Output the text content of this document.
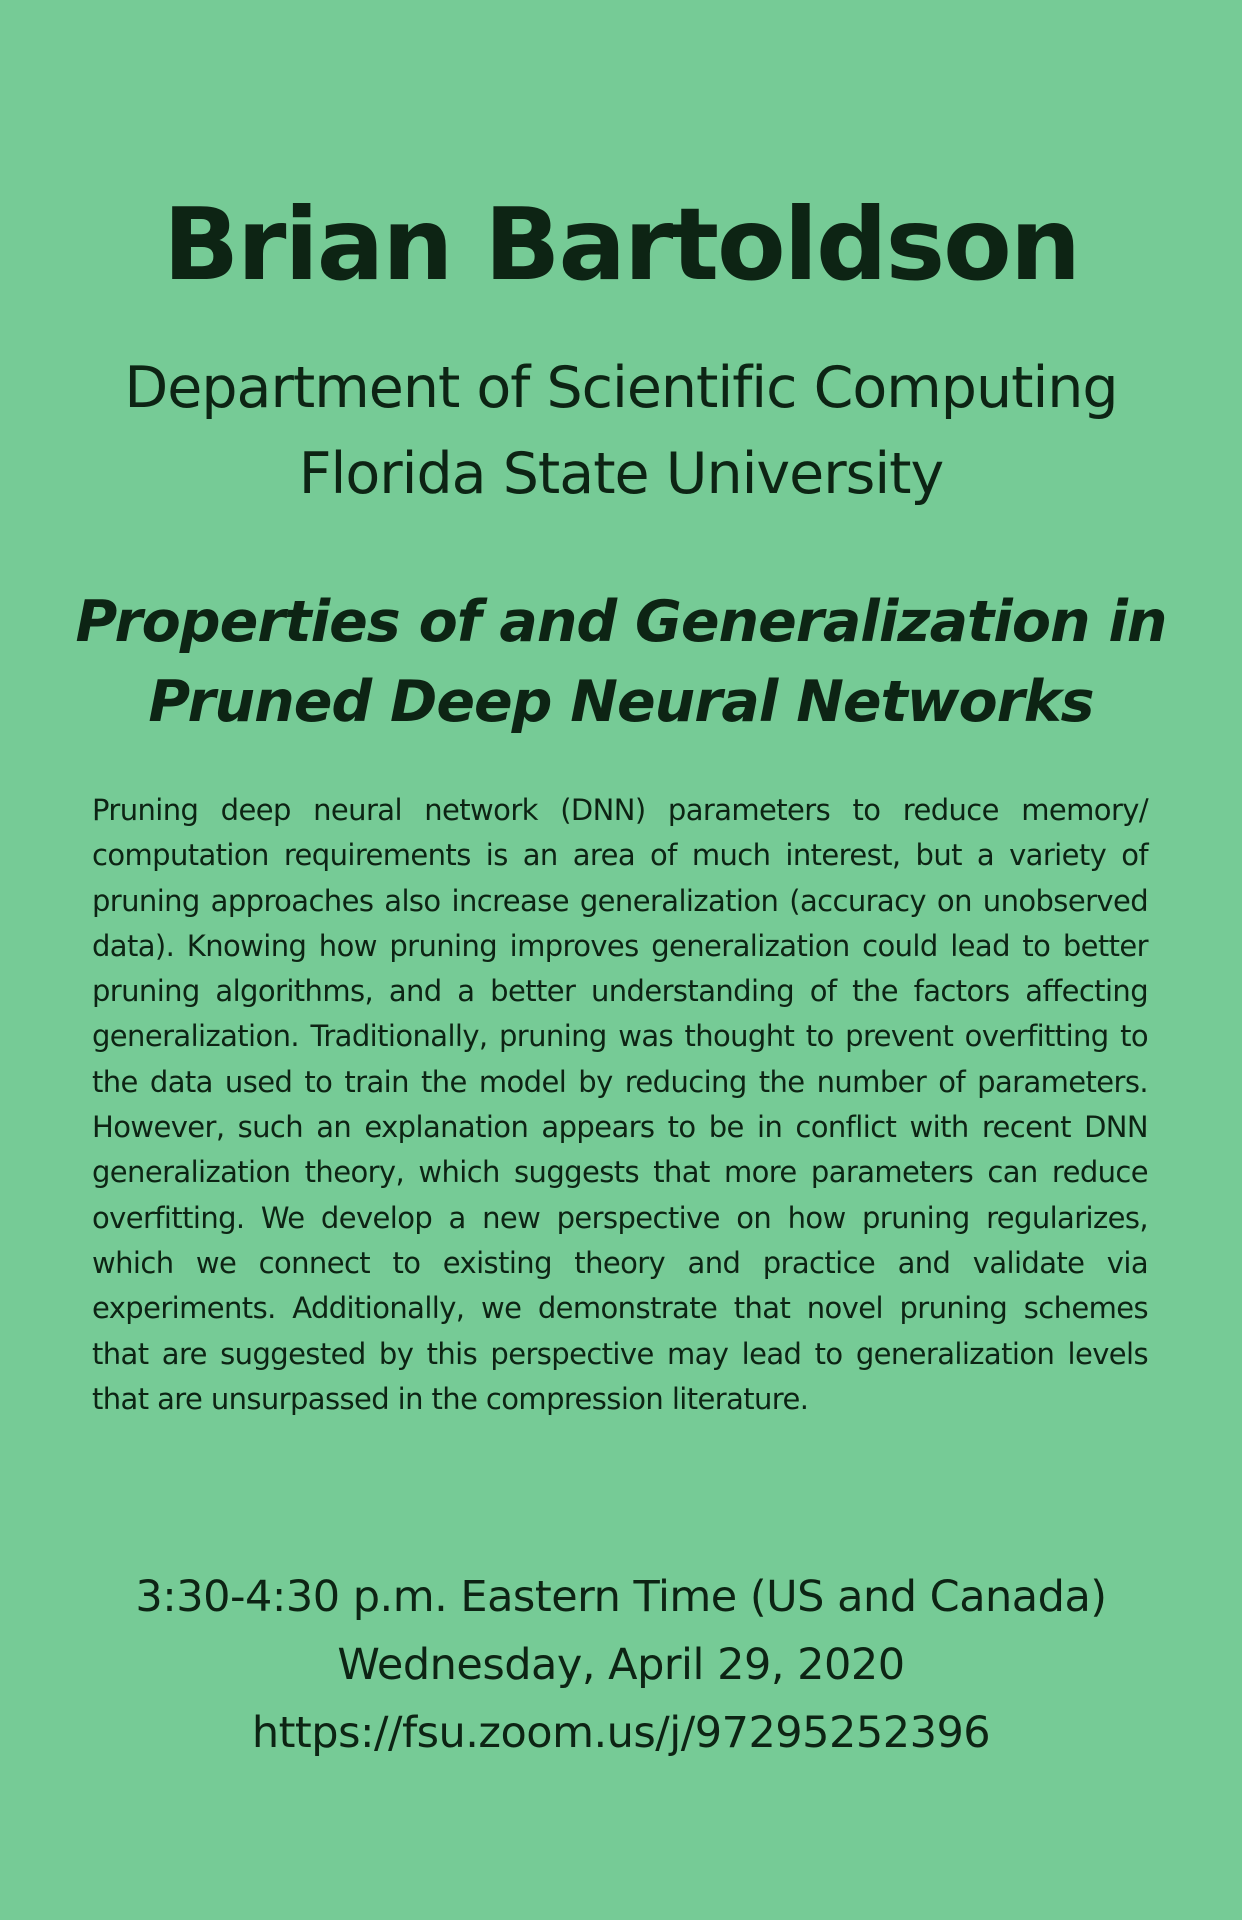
Brian Bartoldson
Department of Scientific Computing
Florida State University
Properties of and Generalization in
Pruned Deep Neural Networks

Pruning deep neural network (DNN) parameters to reduce memory/ computation requirements is an area of much interest, but a variety of pruning approaches also increase generalization (accuracy on unobserved data). Knowing how pruning improves generalization could lead to better pruning algorithms, and a better understanding of the factors affecting generalization. Traditionally, pruning was thought to prevent overfitting to the data used to train the model by reducing the number of parameters. However, such an explanation appears to be in conflict with recent DNN generalization theory, which suggests that more parameters can reduce overfitting. We develop a new perspective on how pruning regularizes, which we connect to existing theory and practice and validate via experiments. Additionally, we demonstrate that novel pruning schemes that are suggested by this perspective may lead to generalization levels that are unsurpassed in the compression literature.

3:30-4:30 p.m. Eastern Time (US and Canada)
Wednesday, April 29, 2020
https://fsu.zoom.us/j/97295252396
